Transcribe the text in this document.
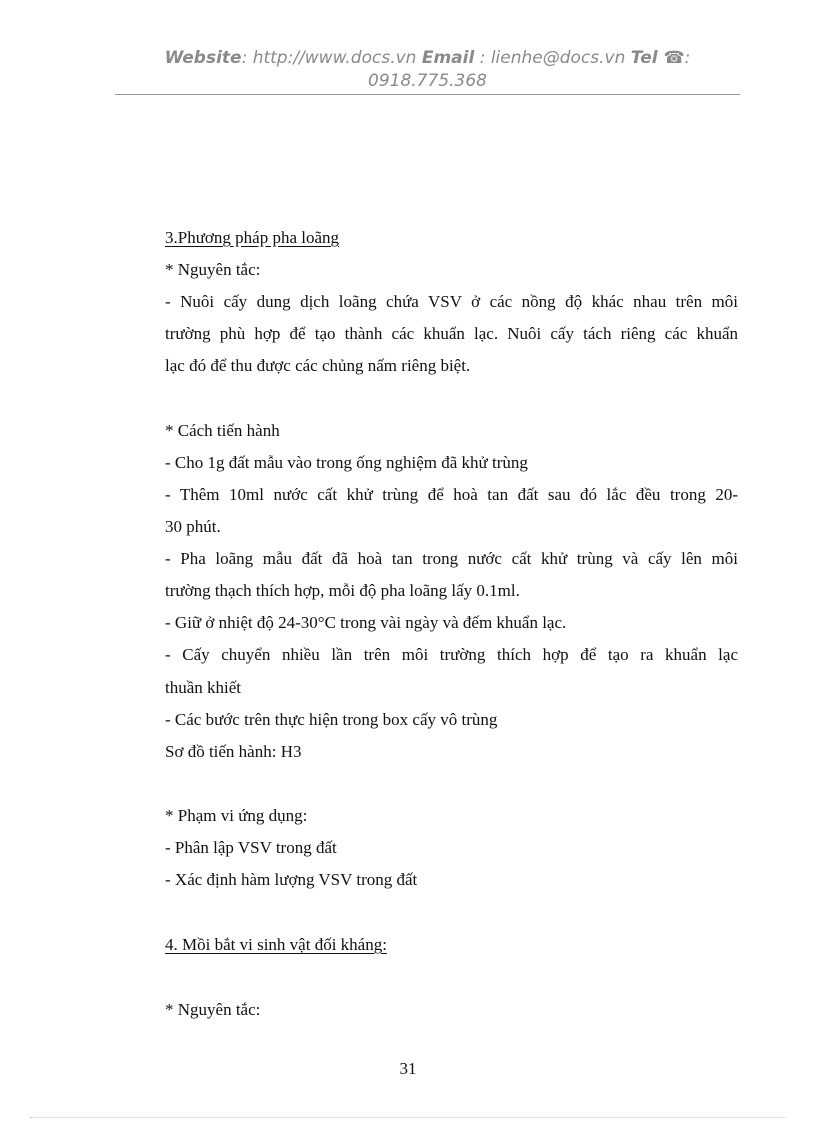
Website: http://www.docs.vn Email : lienhe@docs.vn Tel ☎:
0918.775.368
3.Phương pháp pha loãng
* Nguyên tắc:
- Nuôi cấy dung dịch loãng chứa VSV ở các nồng độ khác nhau trên môi
trường phù hợp để tạo thành các khuẩn lạc. Nuôi cấy tách riêng các khuẩn
lạc đó để thu được các chủng nấm riêng biệt.
* Cách tiến hành
- Cho 1g đất mẫu vào trong ống nghiệm đã khử trùng
- Thêm 10ml nước cất khử trùng để hoà tan đất sau đó lắc đều trong 20-
30 phút.
- Pha loãng mẫu đất đã hoà tan trong nước cất khử trùng và cấy lên môi
trường thạch thích hợp, mỗi độ pha loãng lấy 0.1ml.
- Giữ ở nhiệt độ 24-30°C trong vài ngày và đếm khuẩn lạc.
- Cấy chuyển nhiều lần trên môi trường thích hợp để tạo ra khuẩn lạc
thuần khiết
- Các bước trên thực hiện trong box cấy vô trùng
Sơ đồ tiến hành: H3
* Phạm vi ứng dụng:
- Phân lập VSV trong đất
- Xác định hàm lượng VSV trong đất
4. Mồi bắt vi sinh vật đối kháng:
* Nguyên tắc:
31
